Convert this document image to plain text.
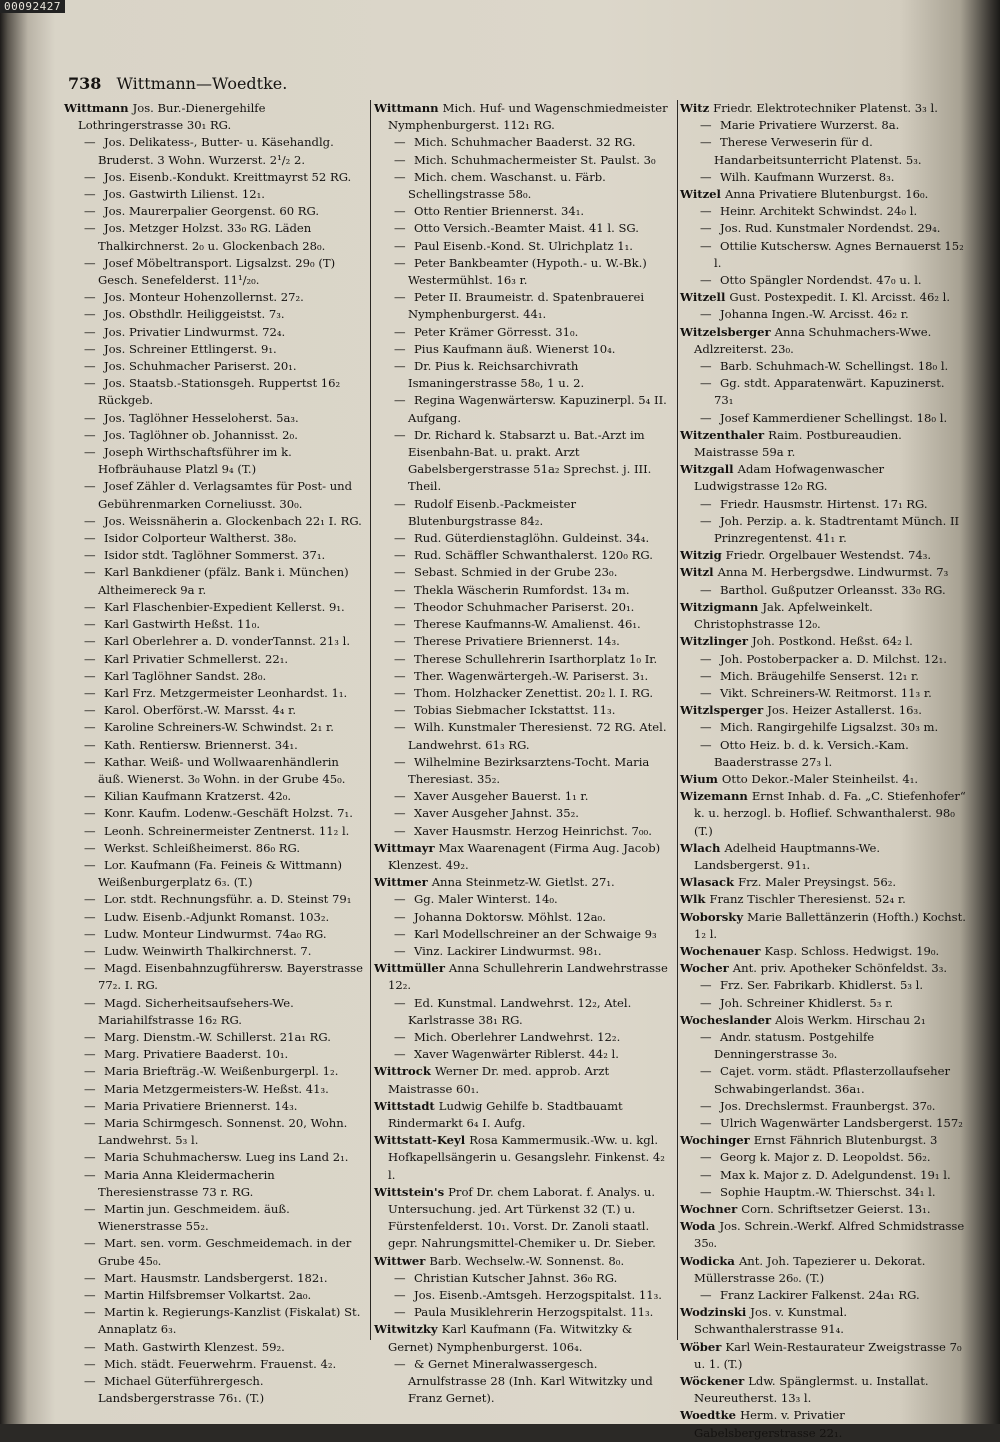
00092427
738 Wittmann—Woedtke.

Wittmann Jos. Bur.-Dienergehilfe Lothringerstrasse 30₁ RG.

— Jos. Delikatess-, Butter- u. Käsehandlg. Bruderst. 3 Wohn. Wurzerst. 2¹/₂ 2.

— Jos. Eisenb.-Kondukt. Kreittmayrst 52 RG.

— Jos. Gastwirth Lilienst. 12₁.

— Jos. Maurerpalier Georgenst. 60 RG.

— Jos. Metzger Holzst. 33₀ RG. Läden Thalkirchnerst. 2₀ u. Glockenbach 28₀.

— Josef Möbeltransport. Ligsalzst. 29₀ (T) Gesch. Senefelderst. 11¹/₂₀.

— Jos. Monteur Hohenzollernst. 27₂.

— Jos. Obsthdlr. Heiliggeistst. 7₃.

— Jos. Privatier Lindwurmst. 72₄.

— Jos. Schreiner Ettlingerst. 9₁.

— Jos. Schuhmacher Pariserst. 20₁.

— Jos. Staatsb.-Stationsgeh. Ruppertst 16₂ Rückgeb.

— Jos. Taglöhner Hesseloherst. 5a₃.

— Jos. Taglöhner ob. Johannisst. 2₀.

— Joseph Wirthschaftsführer im k. Hofbräuhause Platzl 9₄ (T.)

— Josef Zähler d. Verlagsamtes für Post- und Gebührenmarken Corneliusst. 30₀.

— Jos. Weissnäherin a. Glockenbach 22₁ I. RG.

— Isidor Colporteur Waltherst. 38₀.

— Isidor stdt. Taglöhner Sommerst. 37₁.

— Karl Bankdiener (pfälz. Bank i. München) Altheimereck 9a r.

— Karl Flaschenbier-Expedient Kellerst. 9₁.

— Karl Gastwirth Heßst. 11₀.

— Karl Oberlehrer a. D. vonderTannst. 21₃ l.

— Karl Privatier Schmellerst. 22₁.

— Karl Taglöhner Sandst. 28₀.

— Karl Frz. Metzgermeister Leonhardst. 1₁.

— Karol. Oberförst.-W. Marsst. 4₄ r.

— Karoline Schreiners-W. Schwindst. 2₁ r.

— Kath. Rentiersw. Briennerst. 34₁.

— Kathar. Weiß- und Wollwaarenhändlerin äuß. Wienerst. 3₀ Wohn. in der Grube 45₀.

— Kilian Kaufmann Kratzerst. 42₀.

— Konr. Kaufm. Lodenw.-Geschäft Holzst. 7₁.

— Leonh. Schreinermeister Zentnerst. 11₂ l.

— Werkst. Schleißheimerst. 86₀ RG.

— Lor. Kaufmann (Fa. Feineis & Wittmann) Weißenburgerplatz 6₃. (T.)

— Lor. stdt. Rechnungsführ. a. D. Steinst 79₁

— Ludw. Eisenb.-Adjunkt Romanst. 103₂.

— Ludw. Monteur Lindwurmst. 74a₀ RG.

— Ludw. Weinwirth Thalkirchnerst. 7.

— Magd. Eisenbahnzugführersw. Bayerstrasse 77₂. I. RG.

— Magd. Sicherheitsaufsehers-We. Mariahilfstrasse 16₂ RG.

— Marg. Dienstm.-W. Schillerst. 21a₁ RG.

— Marg. Privatiere Baaderst. 10₁.

— Maria Briefträg.-W. Weißenburgerpl. 1₂.

— Maria Metzgermeisters-W. Heßst. 41₃.

— Maria Privatiere Briennerst. 14₃.

— Maria Schirmgesch. Sonnenst. 20, Wohn. Landwehrst. 5₃ l.

— Maria Schuhmachersw. Lueg ins Land 2₁.

— Maria Anna Kleidermacherin Theresienstrasse 73 r. RG.

— Martin jun. Geschmeidem. äuß. Wienerstrasse 55₂.

— Mart. sen. vorm. Geschmeidemach. in der Grube 45₀.

— Mart. Hausmstr. Landsbergerst. 182₁.

— Martin Hilfsbremser Volkartst. 2a₀.

— Martin k. Regierungs-Kanzlist (Fiskalat) St. Annaplatz 6₃.

— Math. Gastwirth Klenzest. 59₂.

— Mich. städt. Feuerwehrm. Frauenst. 4₂.

— Michael Güterführergesch. Landsbergerstrasse 76₁. (T.)

Wittmann Mich. Huf- und Wagenschmiedmeister Nymphenburgerst. 112₁ RG.

— Mich. Schuhmacher Baaderst. 32 RG.

— Mich. Schuhmachermeister St. Paulst. 3₀

— Mich. chem. Waschanst. u. Färb. Schellingstrasse 58₀.

— Otto Rentier Briennerst. 34₁.

— Otto Versich.-Beamter Maist. 41 l. SG.

— Paul Eisenb.-Kond. St. Ulrichplatz 1₁.

— Peter Bankbeamter (Hypoth.- u. W.-Bk.) Westermühlst. 16₃ r.

— Peter II. Braumeistr. d. Spatenbrauerei Nymphenburgerst. 44₁.

— Peter Krämer Görresst. 31₀.

— Pius Kaufmann äuß. Wienerst 10₄.

— Dr. Pius k. Reichsarchivrath Ismaningerstrasse 58₀, 1 u. 2.

— Regina Wagenwärtersw. Kapuzinerpl. 5₄ II. Aufgang.

— Dr. Richard k. Stabsarzt u. Bat.-Arzt im Eisenbahn-Bat. u. prakt. Arzt Gabelsbergerstrasse 51a₂ Sprechst. j. III. Theil.

— Rudolf Eisenb.-Packmeister Blutenburgstrasse 84₂.

— Rud. Güterdienstaglöhn. Guldeinst. 34₄.

— Rud. Schäffler Schwanthalerst. 120₀ RG.

— Sebast. Schmied in der Grube 23₀.

— Thekla Wäscherin Rumfordst. 13₄ m.

— Theodor Schuhmacher Pariserst. 20₁.

— Therese Kaufmanns-W. Amalienst. 46₁.

— Therese Privatiere Briennerst. 14₃.

— Therese Schullehrerin Isarthorplatz 1₀ Ir.

— Ther. Wagenwärtergeh.-W. Pariserst. 3₁.

— Thom. Holzhacker Zenettist. 20₂ l. I. RG.

— Tobias Siebmacher Ickstattst. 11₃.

— Wilh. Kunstmaler Theresienst. 72 RG. Atel. Landwehrst. 61₃ RG.

— Wilhelmine Bezirksarztens-Tocht. Maria Theresiast. 35₂.

— Xaver Ausgeher Bauerst. 1₁ r.

— Xaver Ausgeher Jahnst. 35₂.

— Xaver Hausmstr. Herzog Heinrichst. 7₀₀.

Wittmayr Max Waarenagent (Firma Aug. Jacob) Klenzest. 49₂.

Wittmer Anna Steinmetz-W. Gietlst. 27₁.

— Gg. Maler Winterst. 14₀.

— Johanna Doktorsw. Möhlst. 12a₀.

— Karl Modellschreiner an der Schwaige 9₃

— Vinz. Lackirer Lindwurmst. 98₁.

Wittmüller Anna Schullehrerin Landwehrstrasse 12₂.

— Ed. Kunstmal. Landwehrst. 12₂, Atel. Karlstrasse 38₁ RG.

— Mich. Oberlehrer Landwehrst. 12₂.

— Xaver Wagenwärter Riblerst. 44₂ l.

Wittrock Werner Dr. med. approb. Arzt Maistrasse 60₁.

Wittstadt Ludwig Gehilfe b. Stadtbauamt Rindermarkt 6₄ I. Aufg.

Wittstatt-Keyl Rosa Kammermusik.-Ww. u. kgl. Hofkapellsängerin u. Gesangslehr. Finkenst. 4₂ l.

Wittstein's Prof Dr. chem Laborat. f. Analys. u. Untersuchung. jed. Art Türkenst 32 (T.) u. Fürstenfelderst. 10₁. Vorst. Dr. Zanoli staatl. gepr. Nahrungsmittel-Chemiker u. Dr. Sieber.

Wittwer Barb. Wechselw.-W. Sonnenst. 8₀.

— Christian Kutscher Jahnst. 36₀ RG.

— Jos. Eisenb.-Amtsgeh. Herzogspitalst. 11₃.

— Paula Musiklehrerin Herzogspitalst. 11₃.

Witwitzky Karl Kaufmann (Fa. Witwitzky & Gernet) Nymphenburgerst. 106₄.

— & Gernet Mineralwassergesch. Arnulfstrasse 28 (Inh. Karl Witwitzky und Franz Gernet).

Witz Friedr. Elektrotechniker Platenst. 3₃ l.

— Marie Privatiere Wurzerst. 8a.

— Therese Verweserin für d. Handarbeitsunterricht Platenst. 5₃.

— Wilh. Kaufmann Wurzerst. 8₃.

Witzel Anna Privatiere Blutenburgst. 16₀.

— Heinr. Architekt Schwindst. 24₀ l.

— Jos. Rud. Kunstmaler Nordendst. 29₄.

— Ottilie Kutschersw. Agnes Bernauerst 15₂ l.

— Otto Spängler Nordendst. 47₀ u. l.

Witzell Gust. Postexpedit. I. Kl. Arcisst. 46₂ l.

— Johanna Ingen.-W. Arcisst. 46₂ r.

Witzelsberger Anna Schuhmachers-Wwe. Adlzreiterst. 23₀.

— Barb. Schuhmach-W. Schellingst. 18₀ l.

— Gg. stdt. Apparatenwärt. Kapuzinerst. 73₁

— Josef Kammerdiener Schellingst. 18₀ l.

Witzenthaler Raim. Postbureaudien. Maistrasse 59a r.

Witzgall Adam Hofwagenwascher Ludwigstrasse 12₀ RG.

— Friedr. Hausmstr. Hirtenst. 17₁ RG.

— Joh. Perzip. a. k. Stadtrentamt Münch. II Prinzregentenst. 41₁ r.

Witzig Friedr. Orgelbauer Westendst. 74₃.

Witzl Anna M. Herbergsdwe. Lindwurmst. 7₃

— Barthol. Gußputzer Orleansst. 33₀ RG.

Witzigmann Jak. Apfelweinkelt. Christophstrasse 12₀.

Witzlinger Joh. Postkond. Heßst. 64₂ l.

— Joh. Postoberpacker a. D. Milchst. 12₁.

— Mich. Bräugehilfe Senserst. 12₁ r.

— Vikt. Schreiners-W. Reitmorst. 11₃ r.

Witzlsperger Jos. Heizer Astallerst. 16₃.

— Mich. Rangirgehilfe Ligsalzst. 30₃ m.

— Otto Heiz. b. d. k. Versich.-Kam. Baaderstrasse 27₃ l.

Wium Otto Dekor.-Maler Steinheilst. 4₁.

Wizemann Ernst Inhab. d. Fa. „C. Stiefenhofer“ k. u. herzogl. b. Hoflief. Schwanthalerst. 98₀ (T.)

Wlach Adelheid Hauptmanns-We. Landsbergerst. 91₁.

Wlasack Frz. Maler Preysingst. 56₂.

Wlk Franz Tischler Theresienst. 52₄ r.

Woborsky Marie Ballettänzerin (Hofth.) Kochst. 1₂ l.

Wochenauer Kasp. Schloss. Hedwigst. 19₀.

Wocher Ant. priv. Apotheker Schönfeldst. 3₃.

— Frz. Ser. Fabrikarb. Khidlerst. 5₃ l.

— Joh. Schreiner Khidlerst. 5₃ r.

Wocheslander Alois Werkm. Hirschau 2₁

— Andr. statusm. Postgehilfe Denningerstrasse 3₀.

— Cajet. vorm. städt. Pflasterzollaufseher Schwabingerlandst. 36a₁.

— Jos. Drechslermst. Fraunbergst. 37₀.

— Ulrich Wagenwärter Landsbergerst. 157₂

Wochinger Ernst Fähnrich Blutenburgst. 3

— Georg k. Major z. D. Leopoldst. 56₂.

— Max k. Major z. D. Adelgundenst. 19₁ l.

— Sophie Hauptm.-W. Thierschst. 34₁ l.

Wochner Corn. Schriftsetzer Geierst. 13₁.

Woda Jos. Schrein.-Werkf. Alfred Schmidstrasse 35₀.

Wodicka Ant. Joh. Tapezierer u. Dekorat. Müllerstrasse 26₀. (T.)

— Franz Lackirer Falkenst. 24a₁ RG.

Wodzinski Jos. v. Kunstmal. Schwanthalerstrasse 91₄.

Wöber Karl Wein-Restaurateur Zweigstrasse 7₀ u. 1. (T.)

Wöckener Ldw. Spänglermst. u. Installat. Neureutherst. 13₃ l.

Woedtke Herm. v. Privatier Gabelsbergerstrasse 22₁.
